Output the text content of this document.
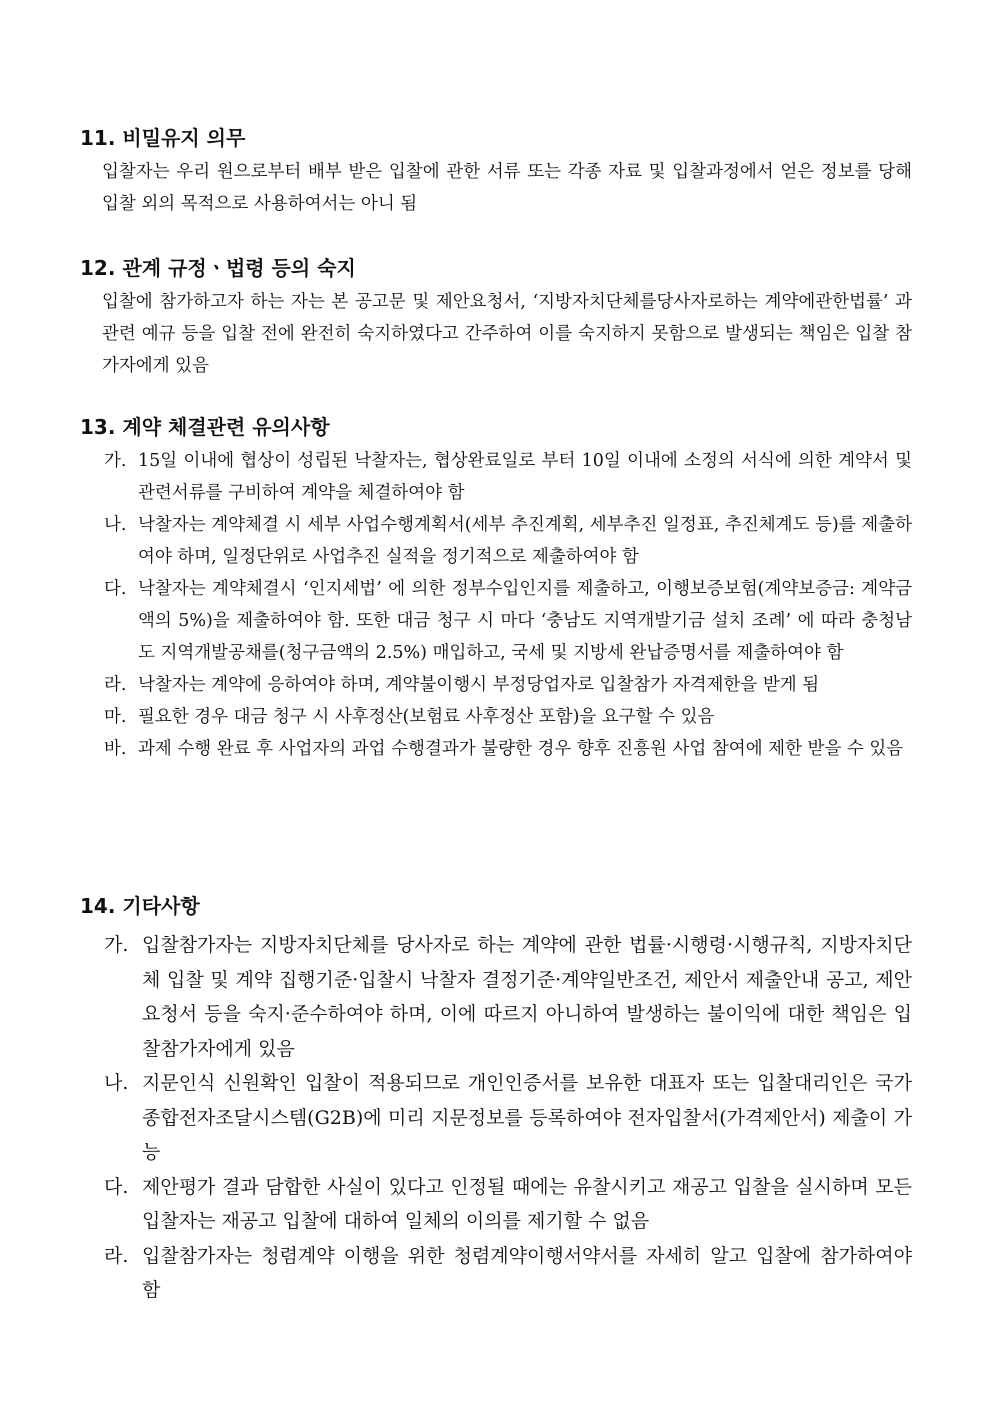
11. 비밀유지 의무

입찰자는 우리 원으로부터 배부 받은 입찰에 관한 서류 또는 각종 자료 및 입찰과정에서 얻은 정보를 당해 입찰 외의 목적으로 사용하여서는 아니 됨

12. 관계 규정ㆍ법령 등의 숙지

입찰에 참가하고자 하는 자는 본 공고문 및 제안요청서, ‘지방자치단체를당사자로하는 계약에관한법률’ 과 관련 예규 등을 입찰 전에 완전히 숙지하였다고 간주하여 이를 숙지하지 못함으로 발생되는 책임은 입찰 참가자에게 있음

13. 계약 체결관련 유의사항
가. 15일 이내에 협상이 성립된 낙찰자는, 협상완료일로 부터 10일 이내에 소정의 서식에 의한 계약서 및 관련서류를 구비하여 계약을 체결하여야 함
나. 낙찰자는 계약체결 시 세부 사업수행계획서(세부 추진계획, 세부추진 일정표, 추진체계도 등)를 제출하여야 하며, 일정단위로 사업추진 실적을 정기적으로 제출하여야 함
다. 낙찰자는 계약체결시 ‘인지세법’ 에 의한 정부수입인지를 제출하고, 이행보증보험(계약보증금: 계약금액의 5%)을 제출하여야 함. 또한 대금 청구 시 마다 ‘충남도 지역개발기금 설치 조례’ 에 따라 충청남도 지역개발공채를(청구금액의 2.5%) 매입하고, 국세 및 지방세 완납증명서를 제출하여야 함
라. 낙찰자는 계약에 응하여야 하며, 계약불이행시 부정당업자로 입찰참가 자격제한을 받게 됨
마. 필요한 경우 대금 청구 시 사후정산(보험료 사후정산 포함)을 요구할 수 있음
바. 과제 수행 완료 후 사업자의 과업 수행결과가 불량한 경우 향후 진흥원 사업 참여에 제한 받을 수 있음
14. 기타사항
가. 입찰참가자는 지방자치단체를 당사자로 하는 계약에 관한 법률·시행령·시행규칙, 지방자치단체 입찰 및 계약 집행기준·입찰시 낙찰자 결정기준·계약일반조건, 제안서 제출안내 공고, 제안요청서 등을 숙지·준수하여야 하며, 이에 따르지 아니하여 발생하는 불이익에 대한 책임은 입찰참가자에게 있음
나. 지문인식 신원확인 입찰이 적용되므로 개인인증서를 보유한 대표자 또는 입찰대리인은 국가종합전자조달시스템(G2B)에 미리 지문정보를 등록하여야 전자입찰서(가격제안서) 제출이 가능
다. 제안평가 결과 담합한 사실이 있다고 인정될 때에는 유찰시키고 재공고 입찰을 실시하며 모든 입찰자는 재공고 입찰에 대하여 일체의 이의를 제기할 수 없음
라. 입찰참가자는 청렴계약 이행을 위한 청렴계약이행서약서를 자세히 알고 입찰에 참가하여야 함
